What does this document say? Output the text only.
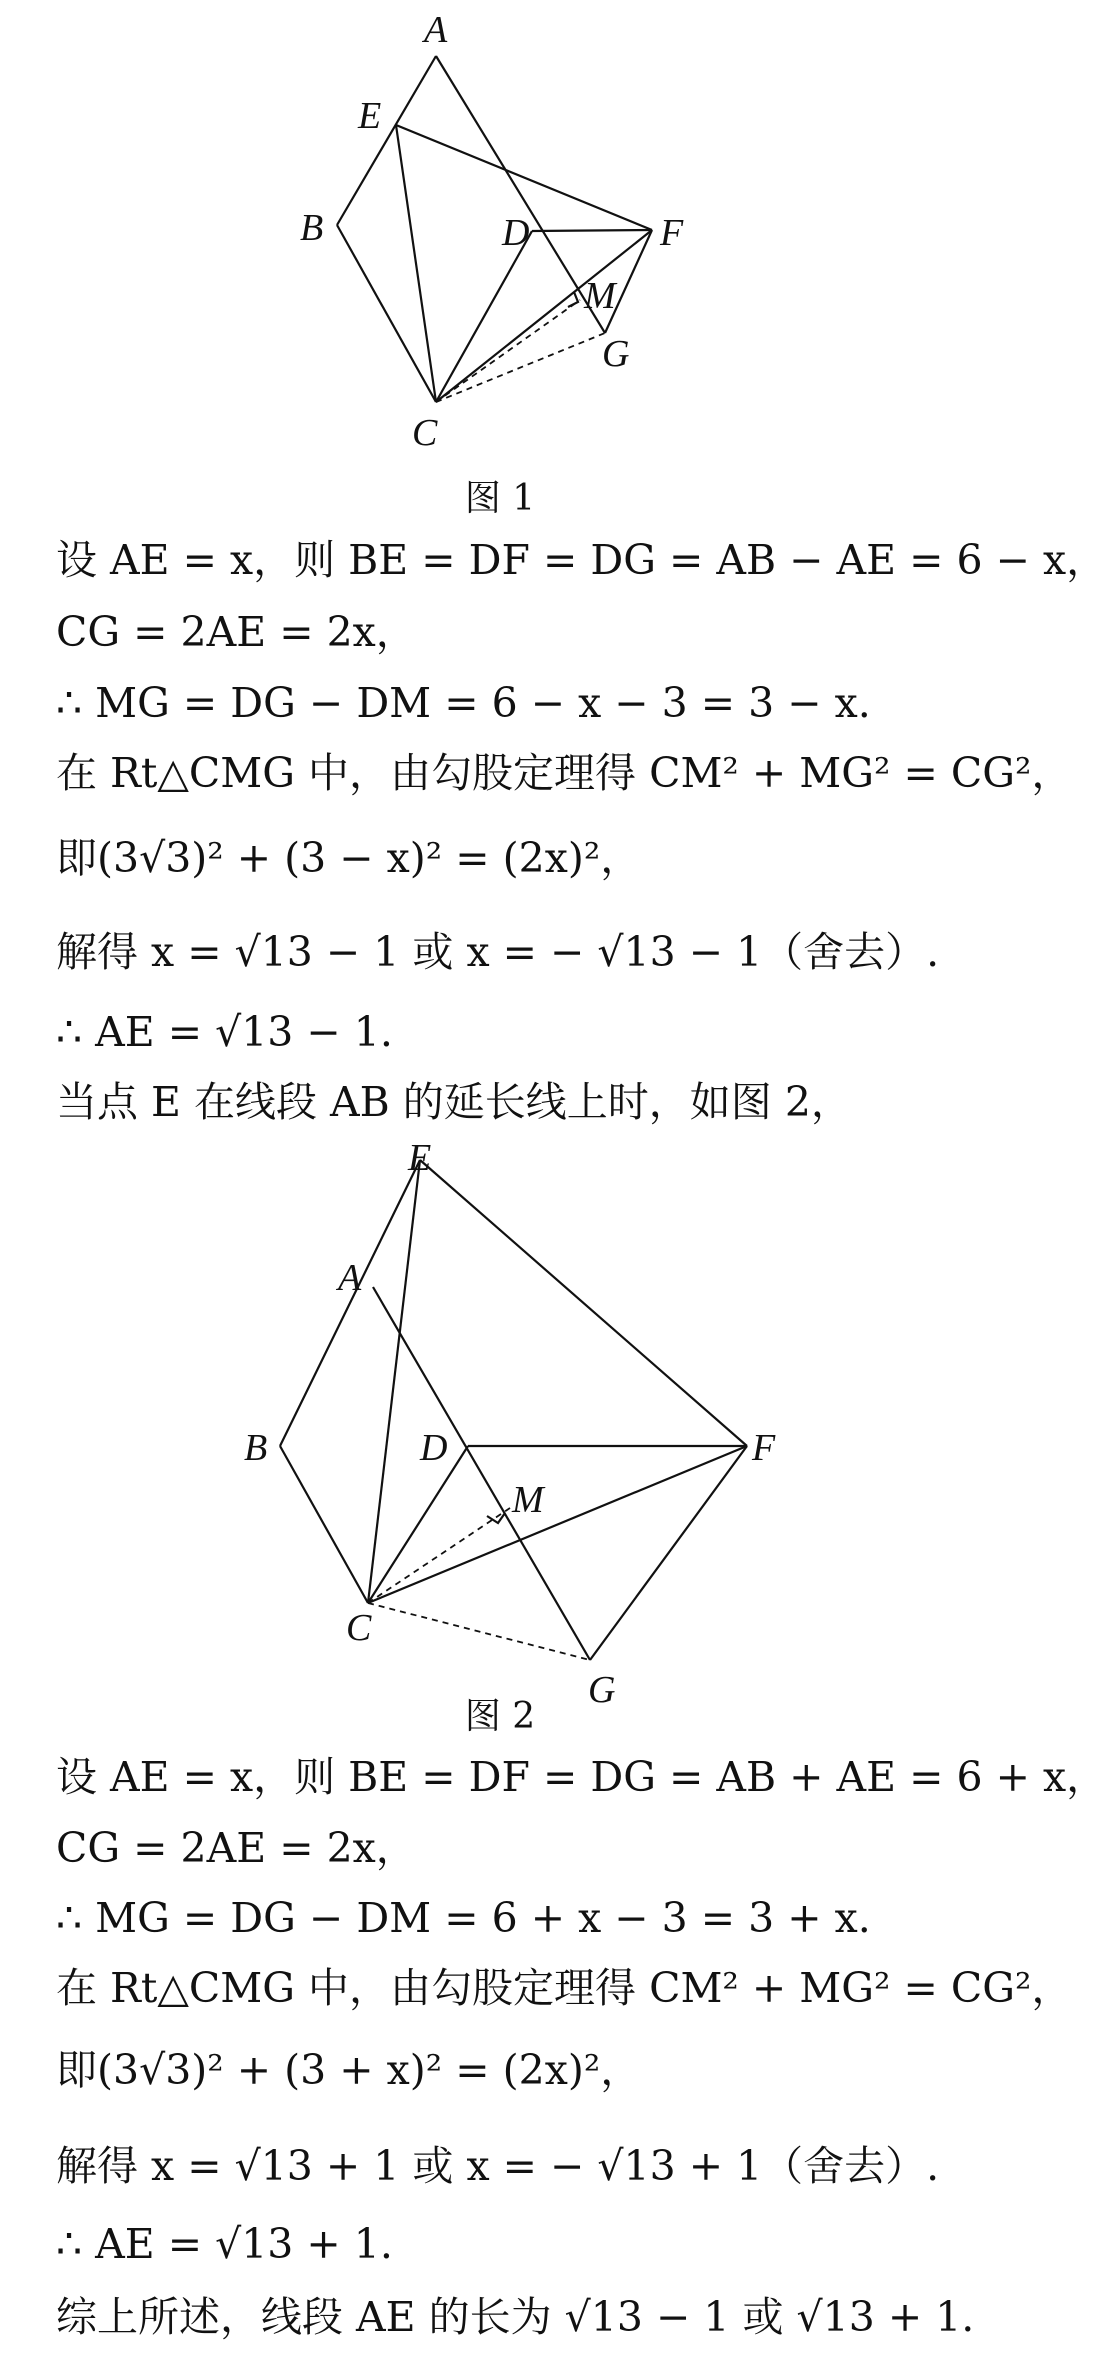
A
E
B	D	F
M
G
C
图 1
设 AE = x，则 BE = DF = DG = AB − AE = 6 − x，
CG = 2AE = 2x，
∴ MG = DG − DM = 6 − x − 3 = 3 − x.
在 Rt△CMG 中，由勾股定理得 CM² + MG² = CG²，
即(3√3)² + (3 − x)² = (2x)²，
解得 x = √13 − 1 或 x = − √13 − 1（舍去）.
∴ AE = √13 − 1.
当点 E 在线段 AB 的延长线上时，如图 2，
E
A
B	D	F
M
C
G
图 2
设 AE = x，则 BE = DF = DG = AB + AE = 6 + x，
CG = 2AE = 2x，
∴ MG = DG − DM = 6 + x − 3 = 3 + x.
在 Rt△CMG 中，由勾股定理得 CM² + MG² = CG²，
即(3√3)² + (3 + x)² = (2x)²，
解得 x = √13 + 1 或 x = − √13 + 1（舍去）.
∴ AE = √13 + 1.
综上所述，线段 AE 的长为 √13 − 1 或 √13 + 1.
